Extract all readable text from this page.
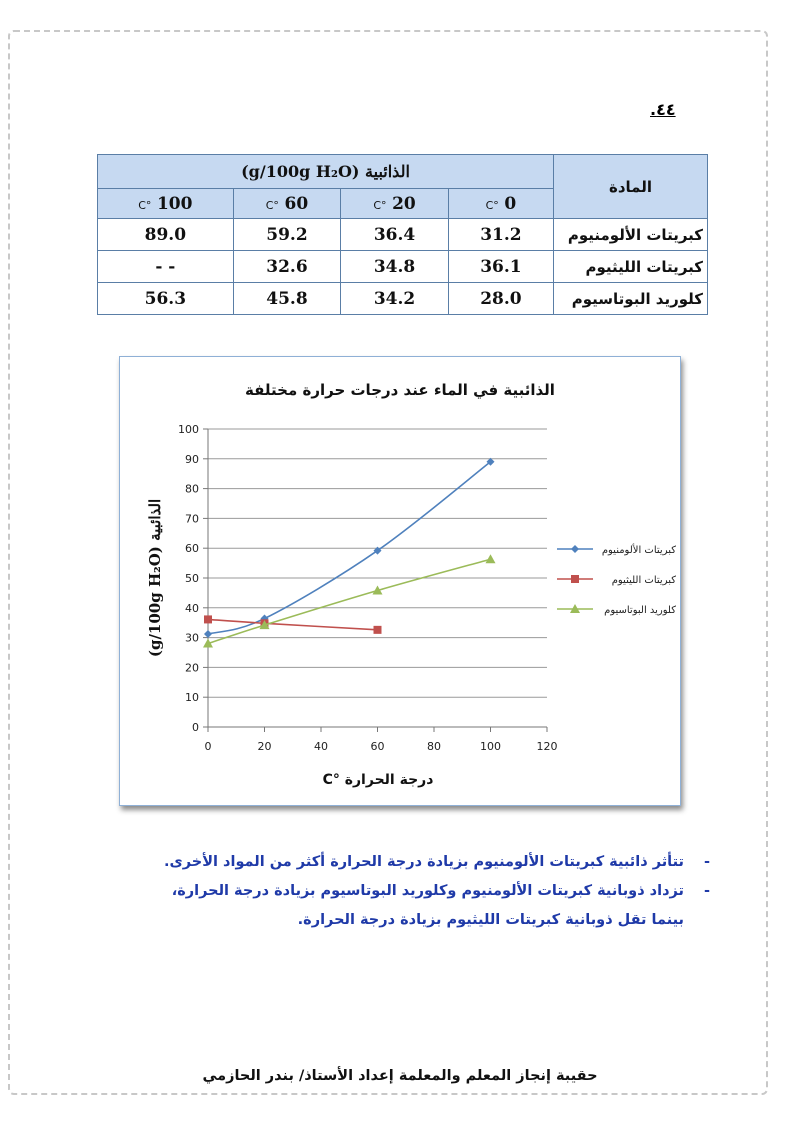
٤٤.
المادة	الذائبية (g/100g H₂O)			
	0 °C	20 °C	60 °C	100 °C
كبريتات الألومنيوم	31.2	36.4	59.2	89.0
كبريتات الليثيوم	36.1	34.8	32.6	- -
كلوريد البوتاسيوم	28.0	34.2	45.8	56.3
الذائبية في الماء عند درجات حرارة مختلفة
0
10
20
30
40
50
60
70
80
90
100
0	20	40	60	80	100	120
درجة الحرارة °C
الذائبية (g/100g H₂O)	كبريتات الألومنيوم
كبريتات الليثيوم
كلوريد البوتاسيوم
-
تتأثر ذائبية كبريتات الألومنيوم بزيادة درجة الحرارة أكثر من المواد الأخرى.
-
تزداد ذوبانية كبريتات الألومنيوم وكلوريد البوتاسيوم بزيادة درجة الحرارة،
بينما تقل ذوبانية كبريتات الليثيوم بزيادة درجة الحرارة.
حقيبة إنجاز المعلم والمعلمة إعداد الأستاذ/ بندر الحازمي
